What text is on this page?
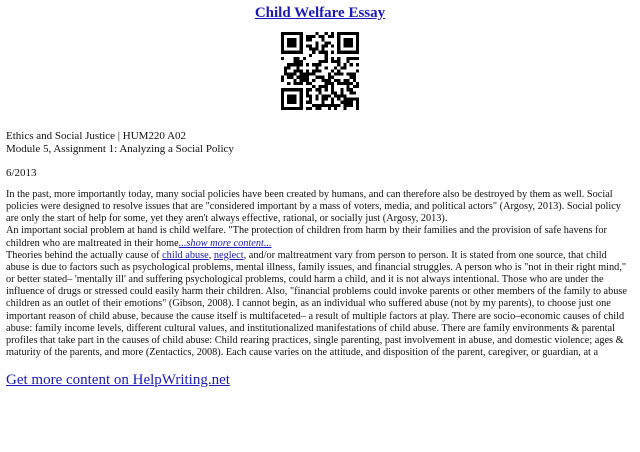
Child Welfare Essay
Ethics and Social Justice | HUM220 A02
Module 5, Assignment 1: Analyzing a Social Policy
6/2013

In the past, more importantly today, many social policies have been created by humans, and can therefore also be destroyed by them as well. Social policies were designed to resolve issues that are "considered important by a mass of voters, media, and political actors" (Argosy, 2013). Social policy are only the start of help for some, yet they aren't always effective, rational, or socially just (Argosy, 2013).

An important social problem at hand is child welfare. "The protection of children from harm by their families and the provision of safe havens for children who are maltreated in their home...show more content...

Theories behind the actually cause of child abuse, neglect, and/or maltreatment vary from person to person. It is stated from one source, that child abuse is due to factors such as psychological problems, mental illness, family issues, and financial struggles. A person who is "not in their right mind," or better stated– 'mentally ill' and suffering psychological problems, could harm a child, and it is not always intentional. Those who are under the influence of drugs or stressed could easily harm their children. Also, "financial problems could invoke parents or other members of the family to abuse children as an outlet of their emotions" (Gibson, 2008). I cannot begin, as an individual who suffered abuse (not by my parents), to choose just one important reason of child abuse, because the cause itself is multifaceted– a result of multiple factors at play. There are socio–economic causes of child abuse: family income levels, different cultural values, and institutionalized manifestations of child abuse. There are family environments & parental profiles that take part in the causes of child abuse: Child rearing practices, single parenting, past involvement in abuse, and domestic violence; ages & maturity of the parents, and more (Zentactics, 2008). Each cause varies on the attitude, and disposition of the parent, caregiver, or guardian, at a

Get more content on HelpWriting.net
